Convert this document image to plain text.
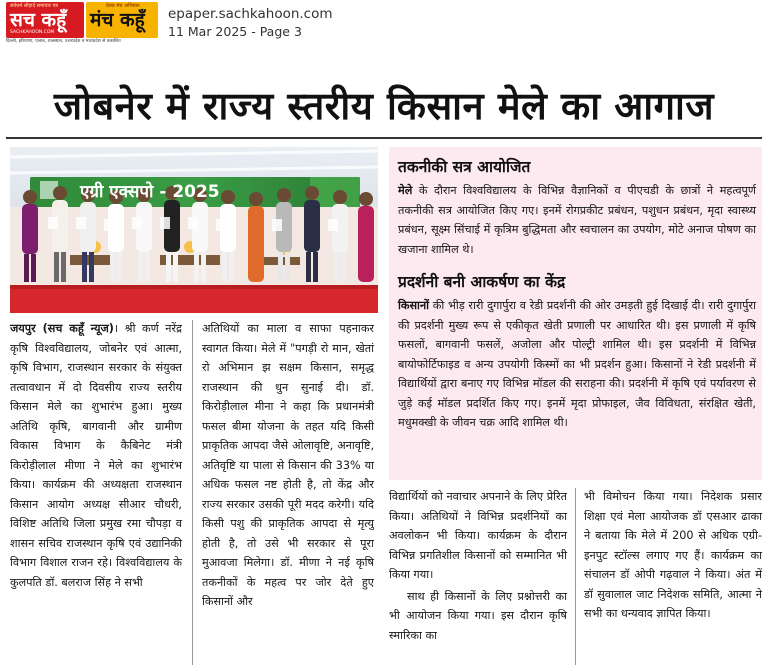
सर्वधर्म सौहार्द समाचार पत्र
सच कहूँ
SACHKAHOON.COM
प्रेरक मंच अभियान
मंच कहूँ
दिल्ली, हरियाणा, पंजाब, राजस्थान, उत्तरप्रदेश व मध्यप्रदेश से प्रकाशित
epaper.sachkahoon.com
11 Mar 2025 - Page 3
जोबनेर में राज्य स्तरीय किसान मेले का आगाज
एग्री एक्सपो - 2025
जयपुर (सच कहूँ न्यूज)। श्री कर्ण नरेंद्र कृषि विश्वविद्यालय, जोबनेर एवं आत्मा, कृषि विभाग, राजस्थान सरकार के संयुक्त तत्वावधान में दो दिवसीय राज्य स्तरीय किसान मेले का शुभारंभ हुआ। मुख्य अतिथि कृषि, बागवानी और ग्रामीण विकास विभाग के कैबिनेट मंत्री किरोड़ीलाल मीणा ने मेले का शुभारंभ किया। कार्यक्रम की अध्यक्षता राजस्थान किसान आयोग अध्यक्ष सीआर चौधरी, विशिष्ट अतिथि जिला प्रमुख रमा चौपड़ा व शासन सचिव राजस्थान कृषि एवं उद्यानिकी विभाग विशाल राजन रहे। विश्वविद्यालय के कुलपति डॉ. बलराज सिंह ने सभी
अतिथियों का माला व साफा पहनाकर स्वागत किया। मेले में "पगड़ी रो मान, खेतां रो अभिमान झ सक्षम किसान, समृद्ध राजस्थान की धुन सुनाई दी। डॉ. किरोड़ीलाल मीना ने कहा कि प्रधानमंत्री फसल बीमा योजना के तहत यदि किसी प्राकृतिक आपदा जैसे ओलावृष्टि, अनावृष्टि, अतिवृष्टि या पाला से किसान की 33% या अधिक फसल नष्ट होती है, तो केंद्र और राज्य सरकार उसकी पूरी मदद करेगी। यदि किसी पशु की प्राकृतिक आपदा से मृत्यु होती है, तो उसे भी सरकार से पूरा मुआवजा मिलेगा। डॉ. मीणा ने नई कृषि तकनीकों के महत्व पर जोर देते हुए किसानों और
तकनीकी सत्र आयोजित
मेले के दौरान विश्वविद्यालय के विभिन्न वैज्ञानिकों व पीएचडी के छात्रों ने महत्वपूर्ण तकनीकी सत्र आयोजित किए गए। इनमें रोगप्रकीट प्रबंधन, पशुधन प्रबंधन, मृदा स्वास्थ्य प्रबंधन, सूक्ष्म सिंचाई में कृत्रिम बुद्धिमता और स्वचालन का उपयोग, मोटे अनाज पोषण का खजाना शामिल थे।
प्रदर्शनी बनी आकर्षण का केंद्र
किसानों की भीड़ रारी दुगार्पुरा व रेडी प्रदर्शनी की ओर उमड़ती हुई दिखाई दी। रारी दुगार्पुरा की प्रदर्शनी मुख्य रूप से एकीकृत खेती प्रणाली पर आधारित थी। इस प्रणाली में कृषि फसलों, बागवानी फसलें, अजोला और पोल्ट्री शामिल थी। इस प्रदर्शनी में विभिन्न बायोफोर्टिफाइड व अन्य उपयोगी किस्मों का भी प्रदर्शन हुआ। किसानों ने रेडी प्रदर्शनी में विद्यार्थियों द्वारा बनाए गए विभिन्न मॉडल की सराहना की। प्रदर्शनी में कृषि एवं पर्यावरण से जुड़े कई मॉडल प्रदर्शित किए गए। इनमें मृदा प्रोफाइल, जैव विविधता, संरक्षित खेती, मधुमक्खी के जीवन चक्र आदि शामिल थी।
विद्यार्थियों को नवाचार अपनाने के लिए प्रेरित किया। अतिथियों ने विभिन्न प्रदर्शनियों का अवलोकन भी किया। कार्यक्रम के दौरान विभिन्न प्रगतिशील किसानों को सम्मानित भी किया गया।
साथ ही किसानों के लिए प्रश्नोत्तरी का भी आयोजन किया गया। इस दौरान कृषि स्मारिका का
भी विमोचन किया गया। निदेशक प्रसार शिक्षा एवं मेला आयोजक डॉ एसआर ढाका ने बताया कि मेले में 200 से अधिक एग्री-इनपुट स्टॉल्स लगाए गए हैं। कार्यक्रम का संचालन डॉ ओपी गढ़वाल ने किया। अंत में डॉ सुवालाल जाट निदेशक समिति, आत्मा ने सभी का धन्यवाद ज्ञापित किया।
